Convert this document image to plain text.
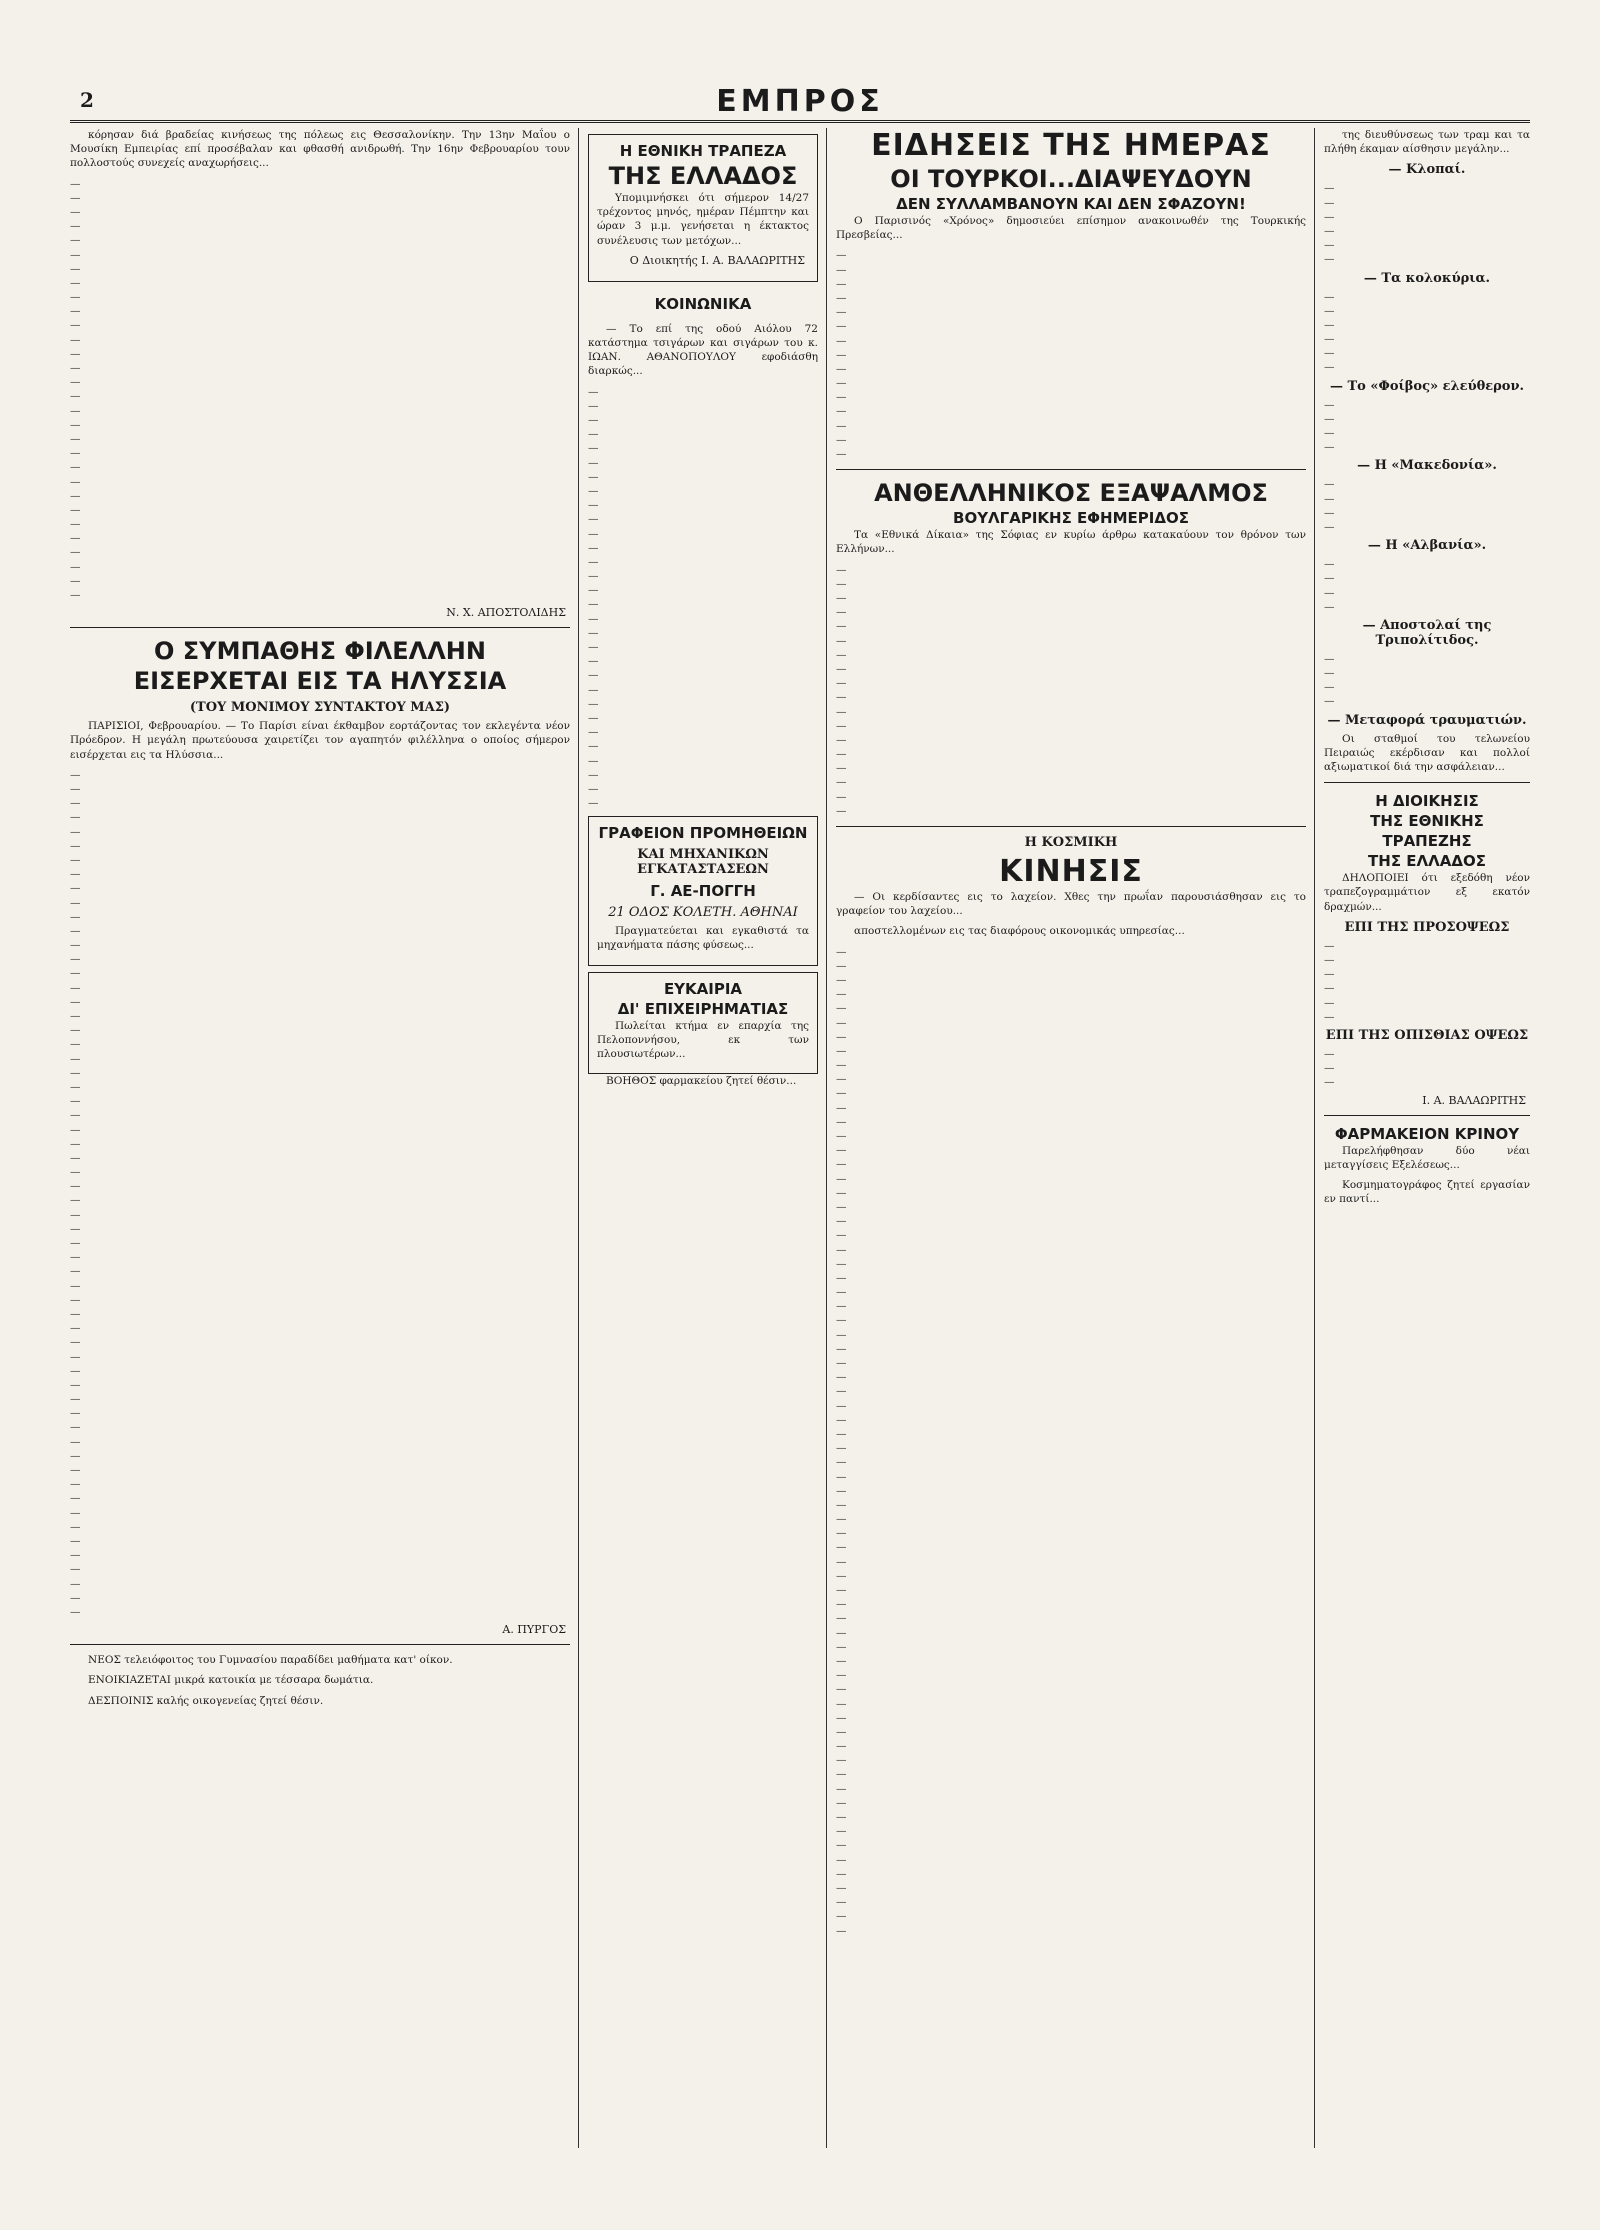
2	ΕΜΠΡΟΣ

κόρησαν διά βραδείας κινήσεως της πόλεως εις Θεσσαλονίκην. Την 13ην Μαΐου ο Μουσίκη Εμπειρίας επί προσέβαλαν και φθασθή ανιδρωθή. Την 16ην Φεβρουαρίου τουν πολλοστούς συνεχείς αναχωρήσεις...

—
—
—
—
—
—
—
—
—
—
—
—
—
—
—
—
—
—
—
—
—
—
—
—
—
—
—
—
—
—
Ν. Χ. ΑΠΟΣΤΟΛΙΔΗΣ
Ο ΣΥΜΠΑΘΗΣ ΦΙΛΕΛΛΗΝ
ΕΙΣΕΡΧΕΤΑΙ ΕΙΣ ΤΑ ΗΛΥΣΣΙΑ
(ΤΟΥ ΜΟΝΙΜΟΥ ΣΥΝΤΑΚΤΟΥ ΜΑΣ)

ΠΑΡΙΣΙΟΙ, Φεβρουαρίου. — Το Παρίσι είναι έκθαμβον εορτάζοντας τον εκλεγέντα νέον Πρόεδρον. Η μεγάλη πρωτεύουσα χαιρετίζει τον αγαπητόν φιλέλληνα ο οποίος σήμερον εισέρχεται εις τα Ηλύσσια...

—
—
—
—
—
—
—
—
—
—
—
—
—
—
—
—
—
—
—
—
—
—
—
—
—
—
—
—
—
—
—
—
—
—
—
—
—
—
—
—
—
—
—
—
—
—
—
—
—
—
—
—
—
—
—
—
—
—
—
—
Α. ΠΥΡΓΟΣ

ΝΕΟΣ τελειόφοιτος του Γυμνασίου παραδίδει μαθήματα κατ' οίκον.

ΕΝΟΙΚΙΑΖΕΤΑΙ μικρά κατοικία με τέσσαρα δωμάτια.

ΔΕΣΠΟΙΝΙΣ καλής οικογενείας ζητεί θέσιν.

Η ΕΘΝΙΚΗ ΤΡΑΠΕΖΑ
ΤΗΣ ΕΛΛΑΔΟΣ

Υπομιμνήσκει ότι σήμερον 14/27 τρέχοντος μηνός, ημέραν Πέμπτην και ώραν 3 μ.μ. γενήσεται η έκτακτος συνέλευσις των μετόχων...

Ο Διοικητής Ι. Α. ΒΑΛΑΩΡΙΤΗΣ
ΚΟΙΝΩΝΙΚΑ

— Το επί της οδού Αιόλου 72 κατάστημα τσιγάρων και σιγάρων του κ. ΙΩΑΝ. ΑΘΑΝΟΠΟΥΛΟΥ εφοδιάσθη διαρκώς...

—
—
—
—
—
—
—
—
—
—
—
—
—
—
—
—
—
—
—
—
—
—
—
—
—
—
—
—
—
—
ΓΡΑΦΕΙΟΝ ΠΡΟΜΗΘΕΙΩΝ
ΚΑΙ ΜΗΧΑΝΙΚΩΝ ΕΓΚΑΤΑΣΤΑΣΕΩΝ
Γ. ΑΕ-ΠΟΓΓΗ
21 ΟΔΟΣ ΚΟΛΕΤΗ. ΑΘΗΝΑΙ

Πραγματεύεται και εγκαθιστά τα μηχανήματα πάσης φύσεως...

ΕΥΚΑΙΡΙΑ
ΔΙ' ΕΠΙΧΕΙΡΗΜΑΤΙΑΣ

Πωλείται κτήμα εν επαρχία της Πελοποννήσου, εκ των πλουσιωτέρων...

ΒΟΗΘΟΣ φαρμακείου ζητεί θέσιν...

ΕΙΔΗΣΕΙΣ ΤΗΣ ΗΜΕΡΑΣ
ΟΙ ΤΟΥΡΚΟΙ...ΔΙΑΨΕΥΔΟΥΝ
ΔΕΝ ΣΥΛΛΑΜΒΑΝΟΥΝ ΚΑΙ ΔΕΝ ΣΦΑΖΟΥΝ!

Ο Παρισινός «Χρόνος» δημοσιεύει επίσημον ανακοινωθέν της Τουρκικής Πρεσβείας...

—
—
—
—
—
—
—
—
—
—
—
—
—
—
—
ΑΝΘΕΛΛΗΝΙΚΟΣ ΕΞΑΨΑΛΜΟΣ
ΒΟΥΛΓΑΡΙΚΗΣ ΕΦΗΜΕΡΙΔΟΣ

Τα «Εθνικά Δίκαια» της Σόφιας εν κυρίω άρθρω κατακαύουν τον θρόνον των Ελλήνων...

—
—
—
—
—
—
—
—
—
—
—
—
—
—
—
—
—
—
Η ΚΟΣΜΙΚΗ
ΚΙΝΗΣΙΣ

— Οι κερδίσαντες εις το λαχείον. Χθες την πρωΐαν παρουσιάσθησαν εις το γραφείον του λαχείου...

αποστελλομένων εις τας διαφόρους οικονομικάς υπηρεσίας...

—
—
—
—
—
—
—
—
—
—
—
—
—
—
—
—
—
—
—
—
—
—
—
—
—
—
—
—
—
—
—
—
—
—
—
—
—
—
—
—
—
—
—
—
—
—
—
—
—
—
—
—
—
—
—
—
—
—
—
—
—
—
—
—
—
—
—
—
—
—

της διευθύνσεως των τραμ και τα πλήθη έκαμαν αίσθησιν μεγάλην...

— Κλοπαί.
—
—
—
—
—
—
— Τα κολοκύρια.
—
—
—
—
—
—
— Το «Φοίβος» ελεύθερον.
—
—
—
—
— Η «Μακεδονία».
—
—
—
—
— Η «Αλβανία».
—
—
—
—
— Αποστολαί της Τριπολίτιδος.
—
—
—
—
— Μεταφορά τραυματιών.

Οι σταθμοί του τελωνείου Πειραιώς εκέρδισαν και πολλοί αξιωματικοί διά την ασφάλειαν...

Η ΔΙΟΙΚΗΣΙΣ
ΤΗΣ ΕΘΝΙΚΗΣ ΤΡΑΠΕΖΗΣ
ΤΗΣ ΕΛΛΑΔΟΣ

ΔΗΛΟΠΟΙΕΙ ότι εξεδόθη νέον τραπεζογραμμάτιον εξ εκατόν δραχμών...

ΕΠΙ ΤΗΣ ΠΡΟΣΟΨΕΩΣ
—
—
—
—
—
—
ΕΠΙ ΤΗΣ ΟΠΙΣΘΙΑΣ ΟΨΕΩΣ
—
—
—
Ι. Α. ΒΑΛΑΩΡΙΤΗΣ
ΦΑΡΜΑΚΕΙΟΝ ΚΡΙΝΟΥ

Παρελήφθησαν δύο νέαι μεταγγίσεις Εξελέσεως...

Κοσμηματογράφος ζητεί εργασίαν εν παντί...
